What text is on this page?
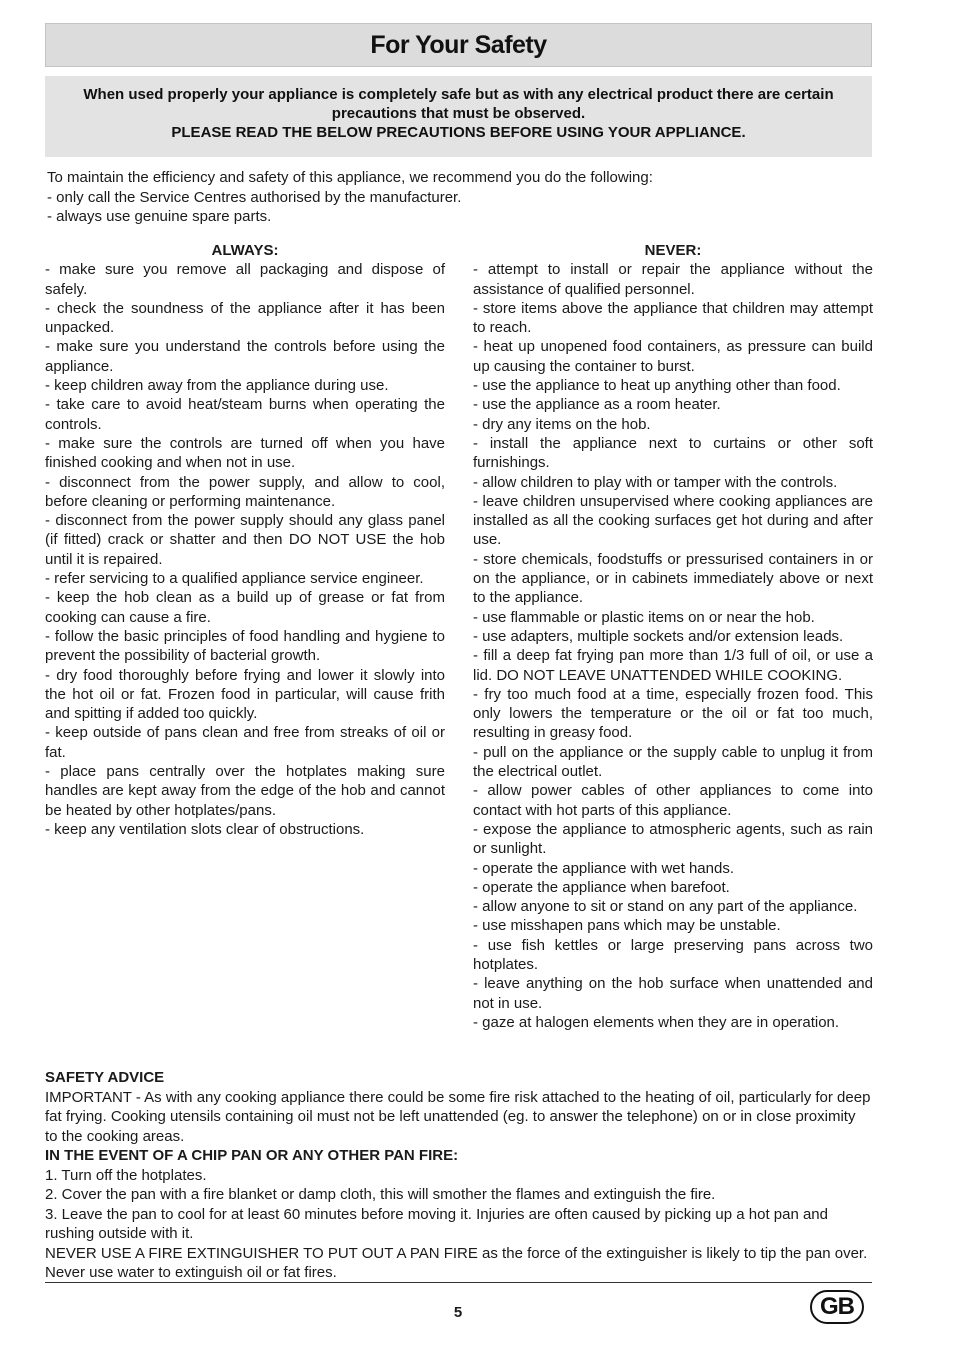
For Your Safety

When used properly your appliance is completely safe but as with any electrical product there are certain precautions that must be observed.

PLEASE READ THE BELOW PRECAUTIONS BEFORE USING YOUR APPLIANCE.

To maintain the efficiency and safety of this appliance, we recommend you do the following:

- only call the Service Centres authorised by the manufacturer.

- always use genuine spare parts.

ALWAYS:

- make sure you remove all packaging and dispose of safely.

- check the soundness of the appliance after it has been unpacked.

- make sure you understand the controls before using the appliance.

- keep children away from the appliance during use.

- take care to avoid heat/steam burns when operating the controls.

- make sure the controls are turned off when you have finished cooking and when not in use.

- disconnect from the power supply, and allow to cool, before cleaning or performing maintenance.

- disconnect from the power supply should any glass panel (if fitted) crack or shatter and then DO NOT USE the hob until it is repaired.

- refer servicing to a qualified appliance service engineer.

- keep the hob clean as a build up of grease or fat from cooking can cause a fire.

- follow the basic principles of food handling and hygiene to prevent the possibility of bacterial growth.

- dry food thoroughly before frying and lower it slowly into the hot oil or fat. Frozen food in particular, will cause frith and spitting if added too quickly.

- keep outside of pans clean and free from streaks of oil or fat.

- place pans centrally over the hotplates making sure handles are kept away from the edge of the hob and cannot be heated by other hotplates/pans.

- keep any ventilation slots clear of obstructions.

NEVER:

- attempt to install or repair the appliance without the assistance of qualified personnel.

- store items above the appliance that children may attempt to reach.

- heat up unopened food containers, as pressure can build up causing the container to burst.

- use the appliance to heat up anything other than food.

- use the appliance as a room heater.

- dry any items on the hob.

- install the appliance next to curtains or other soft furnishings.

- allow children to play with or tamper with the controls.

- leave children unsupervised where cooking appliances are installed as all the cooking surfaces get hot during and after use.

- store chemicals, foodstuffs or pressurised containers in or on the appliance, or in cabinets immediately above or next to the appliance.

- use flammable or plastic items on or near the hob.

- use adapters, multiple sockets and/or extension leads.

- fill a deep fat frying pan more than 1/3 full of oil, or use a lid. DO NOT LEAVE UNATTENDED WHILE COOKING.

- fry too much food at a time, especially frozen food. This only lowers the temperature or the oil or fat too much, resulting in greasy food.

- pull on the appliance or the supply cable to unplug it from the electrical outlet.

- allow power cables of other appliances to come into contact with hot parts of this appliance.

- expose the appliance to atmospheric agents, such as rain or sunlight.

- operate the appliance with wet hands.

- operate the appliance when barefoot.

- allow anyone to sit or stand on any part of the appliance.

- use misshapen pans which may be unstable.

- use fish kettles or large preserving pans across two hotplates.

- leave anything on the hob surface when unattended and not in use.

- gaze at halogen elements when they are in operation.

SAFETY ADVICE

IMPORTANT - As with any cooking appliance there could be some fire risk attached to the heating of oil, particularly for deep fat frying. Cooking utensils containing oil must not be left unattended (eg. to answer the telephone) on or in close proximity to the cooking areas.

IN THE EVENT OF A CHIP PAN OR ANY OTHER PAN FIRE:

1. Turn off the hotplates.

2. Cover the pan with a fire blanket or damp cloth, this will smother the flames and extinguish the fire.

3. Leave the pan to cool for at least 60 minutes before moving it. Injuries are often caused by picking up a hot pan and rushing outside with it.

NEVER USE A FIRE EXTINGUISHER TO PUT OUT A PAN FIRE as the force of the extinguisher is likely to tip the pan over. Never use water to extinguish oil or fat fires.

5	GB
